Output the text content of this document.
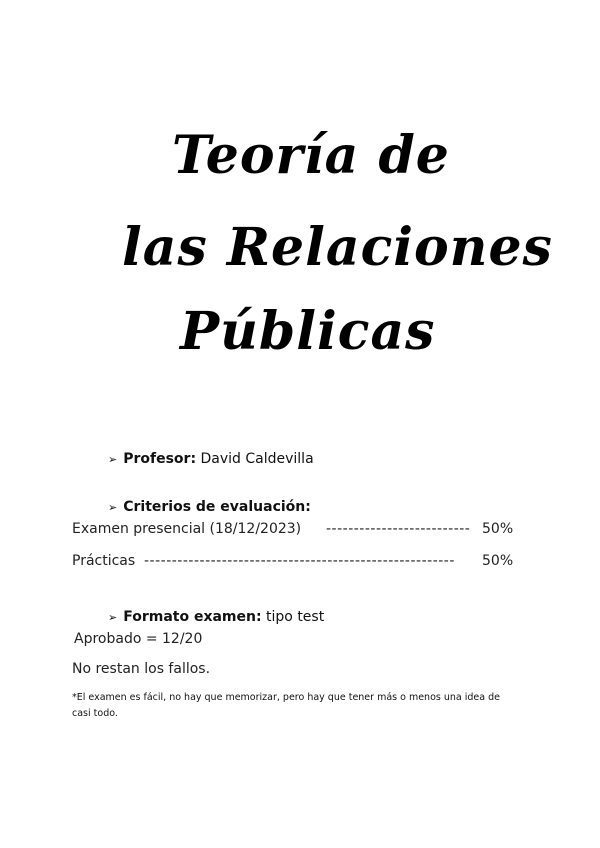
Teoría de
las Relaciones
Públicas
➢ Profesor: David Caldevilla
➢ Criterios de evaluación:
Examen presencial (18/12/2023) -------------------------- 50%
Prácticas -------------------------------------------------------- 50%
➢ Formato examen: tipo test
Aprobado = 12/20
No restan los fallos.
*El examen es fácil, no hay que memorizar, pero hay que tener más o menos una idea de casi todo.
